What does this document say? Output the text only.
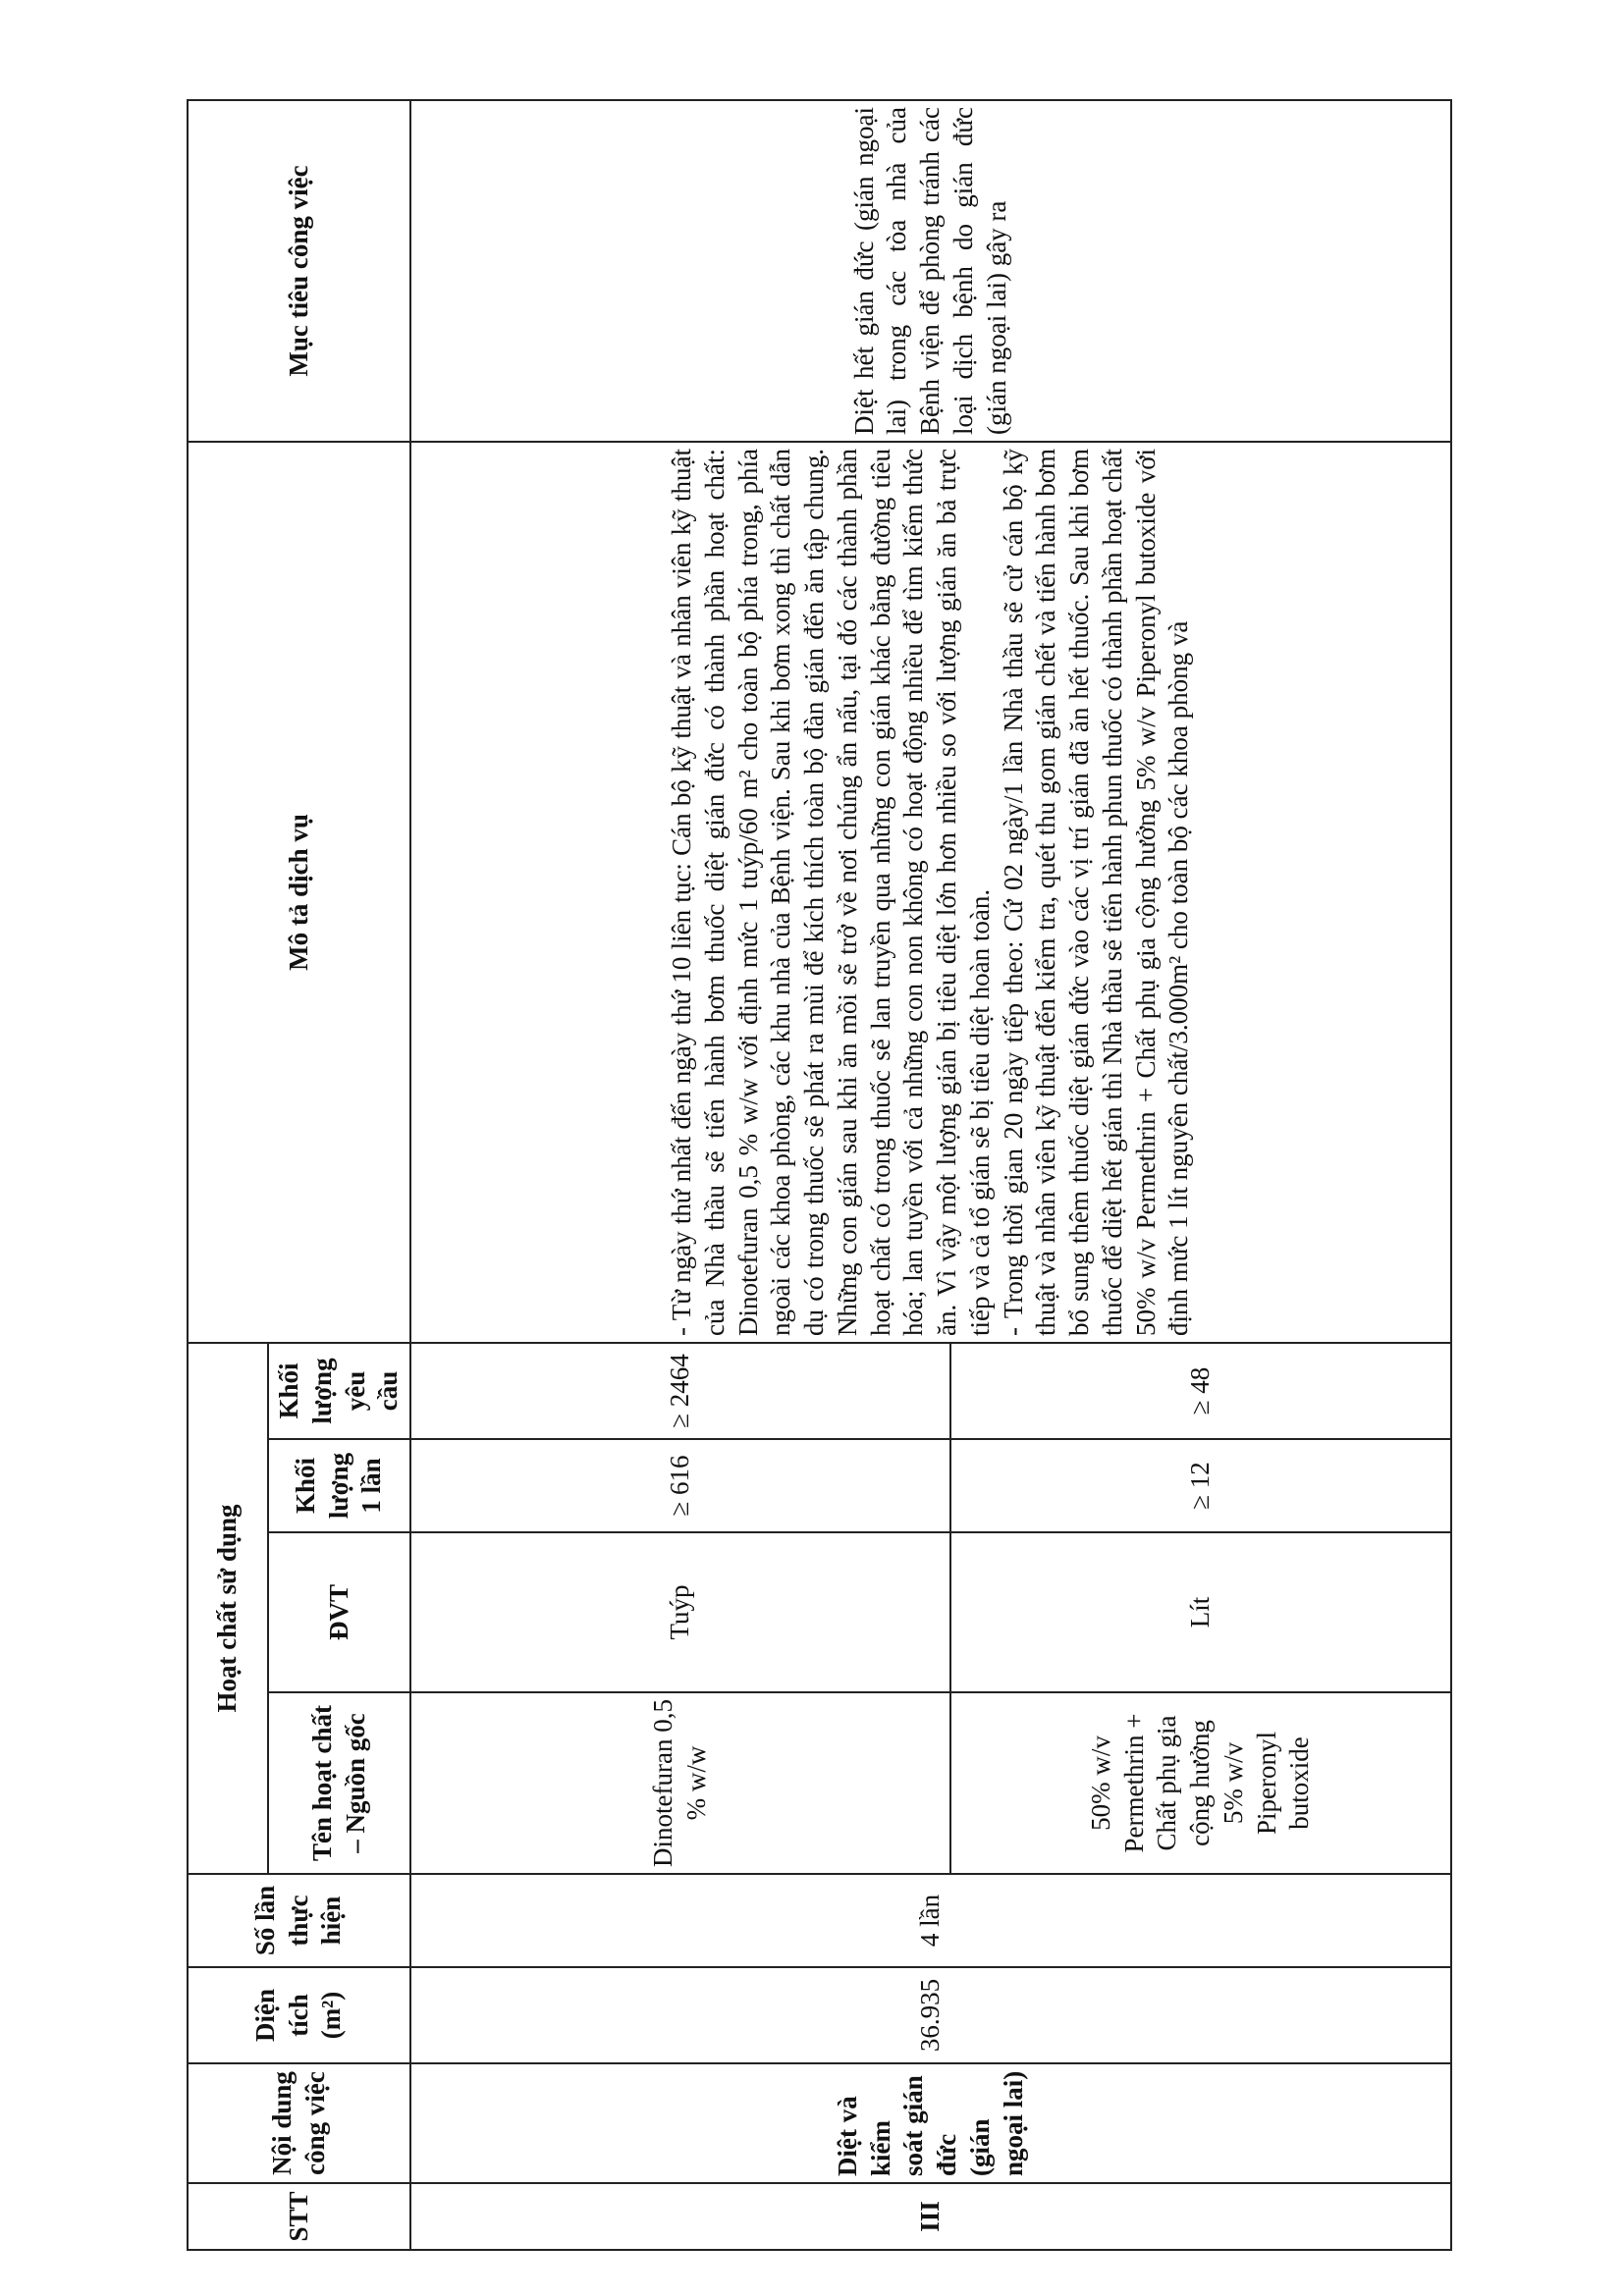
STT	Nội dung công việc	Diện tích (m²)	Số lần thực hiện	Hoạt chất sử dụng				Mô tả dịch vụ	Mục tiêu công việc
				Tên hoạt chất – Nguồn gốc	ĐVT	Khối lượng 1 lần	Khối lượng yêu cầu		
III	Diệt và kiểm soát gián đức (gián ngoại lai)	36.935	4 lần	Dinotefuran 0,5 % w/w	Tuýp	≥ 616	≥ 2464	- Từ ngày thứ nhất đến ngày thứ 10 liên tục: Cán bộ kỹ thuật và nhân viên kỹ thuật của Nhà thầu sẽ tiến hành bơm thuốc diệt gián đức có thành phần hoạt chất: Dinotefuran 0,5 % w/w với định mức 1 tuýp/60 m² cho toàn bộ phía trong, phía ngoài các khoa phòng, các khu nhà của Bệnh viện. Sau khi bơm xong thì chất dẫn dụ có trong thuốc sẽ phát ra mùi để kích thích toàn bộ đàn gián đến ăn tập chung. Những con gián sau khi ăn mồi sẽ trở về nơi chúng ẩn nấu, tại đó các thành phần hoạt chất có trong thuốc sẽ lan truyền qua những con gián khác bằng đường tiêu hóa; lan tuyền với cả những con non không có hoạt động nhiều để tìm kiếm thức ăn. Vì vậy một lượng gián bị tiêu diệt lớn hơn nhiều so với lượng gián ăn bả trực tiếp và cả tổ gián sẽ bị tiêu diệt hoàn toàn. - Trong thời gian 20 ngày tiếp theo: Cứ 02 ngày/1 lần Nhà thầu sẽ cử cán bộ kỹ thuật và nhân viên kỹ thuật đến kiểm tra, quét thu gom gián chết và tiến hành bơm bổ sung thêm thuốc diệt gián đức vào các vị trí gián đã ăn hết thuốc. Sau khi bơm thuốc để diệt hết gián thì Nhà thầu sẽ tiến hành phun thuốc có thành phần hoạt chất 50% w/v Permethrin + Chất phụ gia cộng hưởng 5% w/v Piperonyl butoxide với định mức 1 lít nguyên chất/3.000m² cho toàn bộ các khoa phòng và	Diệt hết gián đức (gián ngoại lai) trong các tòa nhà của Bệnh viện để phòng tránh các loại dịch bệnh do gián đức (gián ngoại lai) gây ra
				50% w/v Permethrin + Chất phụ gia cộng hưởng 5% w/v Piperonyl butoxide	Lít	≥ 12	≥ 48		
